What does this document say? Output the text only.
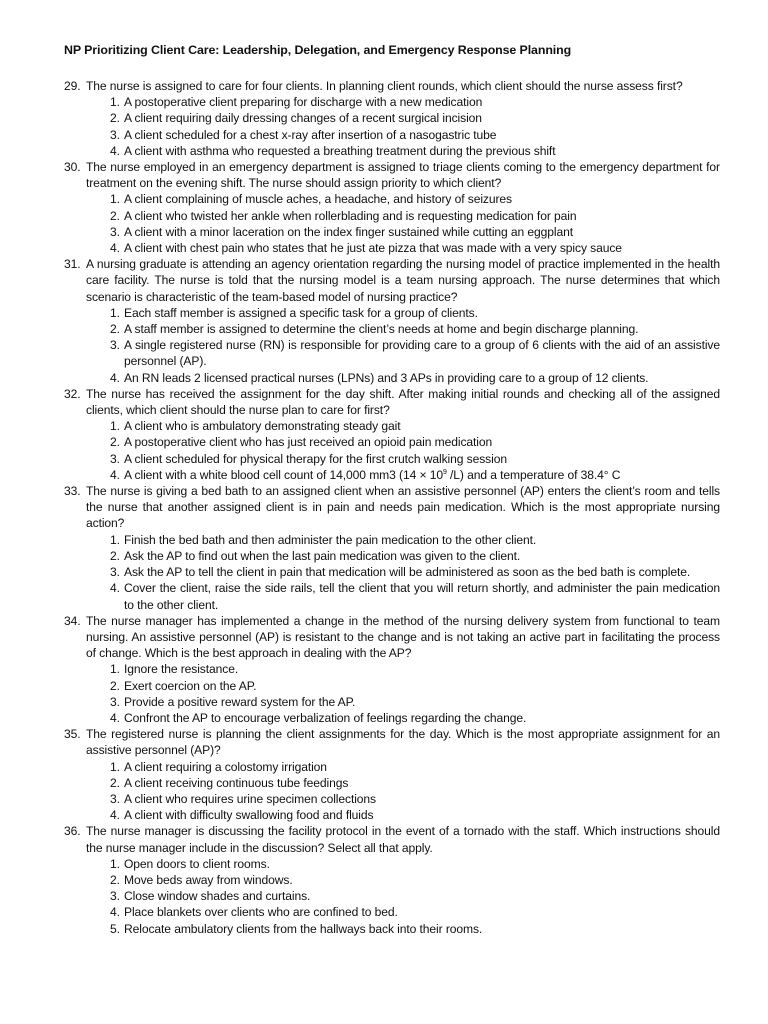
NP Prioritizing Client Care: Leadership, Delegation, and Emergency Response Planning
29. The nurse is assigned to care for four clients. In planning client rounds, which client should the nurse assess first?
1. A postoperative client preparing for discharge with a new medication
2. A client requiring daily dressing changes of a recent surgical incision
3. A client scheduled for a chest x-ray after insertion of a nasogastric tube
4. A client with asthma who requested a breathing treatment during the previous shift
30. The nurse employed in an emergency department is assigned to triage clients coming to the emergency department for treatment on the evening shift. The nurse should assign priority to which client?
1. A client complaining of muscle aches, a headache, and history of seizures
2. A client who twisted her ankle when rollerblading and is requesting medication for pain
3. A client with a minor laceration on the index finger sustained while cutting an eggplant
4. A client with chest pain who states that he just ate pizza that was made with a very spicy sauce
31. A nursing graduate is attending an agency orientation regarding the nursing model of practice implemented in the health care facility. The nurse is told that the nursing model is a team nursing approach. The nurse determines that which scenario is characteristic of the team-based model of nursing practice?
1. Each staff member is assigned a specific task for a group of clients.
2. A staff member is assigned to determine the client’s needs at home and begin discharge planning.
3. A single registered nurse (RN) is responsible for providing care to a group of 6 clients with the aid of an assistive personnel (AP).
4. An RN leads 2 licensed practical nurses (LPNs) and 3 APs in providing care to a group of 12 clients.
32. The nurse has received the assignment for the day shift. After making initial rounds and checking all of the assigned clients, which client should the nurse plan to care for first?
1. A client who is ambulatory demonstrating steady gait
2. A postoperative client who has just received an opioid pain medication
3. A client scheduled for physical therapy for the first crutch walking session
4. A client with a white blood cell count of 14,000 mm3 ($14 \times 10^9$ /L) and a temperature of 38.4° C
33. The nurse is giving a bed bath to an assigned client when an assistive personnel (AP) enters the client’s room and tells the nurse that another assigned client is in pain and needs pain medication. Which is the most appropriate nursing action?
1. Finish the bed bath and then administer the pain medication to the other client.
2. Ask the AP to find out when the last pain medication was given to the client.
3. Ask the AP to tell the client in pain that medication will be administered as soon as the bed bath is complete.
4. Cover the client, raise the side rails, tell the client that you will return shortly, and administer the pain medication to the other client.
34. The nurse manager has implemented a change in the method of the nursing delivery system from functional to team nursing. An assistive personnel (AP) is resistant to the change and is not taking an active part in facilitating the process of change. Which is the best approach in dealing with the AP?
1. Ignore the resistance.
2. Exert coercion on the AP.
3. Provide a positive reward system for the AP.
4. Confront the AP to encourage verbalization of feelings regarding the change.
35. The registered nurse is planning the client assignments for the day. Which is the most appropriate assignment for an assistive personnel (AP)?
1. A client requiring a colostomy irrigation
2. A client receiving continuous tube feedings
3. A client who requires urine specimen collections
4. A client with difficulty swallowing food and fluids
36. The nurse manager is discussing the facility protocol in the event of a tornado with the staff. Which instructions should the nurse manager include in the discussion? Select all that apply.
1. Open doors to client rooms.
2. Move beds away from windows.
3. Close window shades and curtains.
4. Place blankets over clients who are confined to bed.
5. Relocate ambulatory clients from the hallways back into their rooms.
